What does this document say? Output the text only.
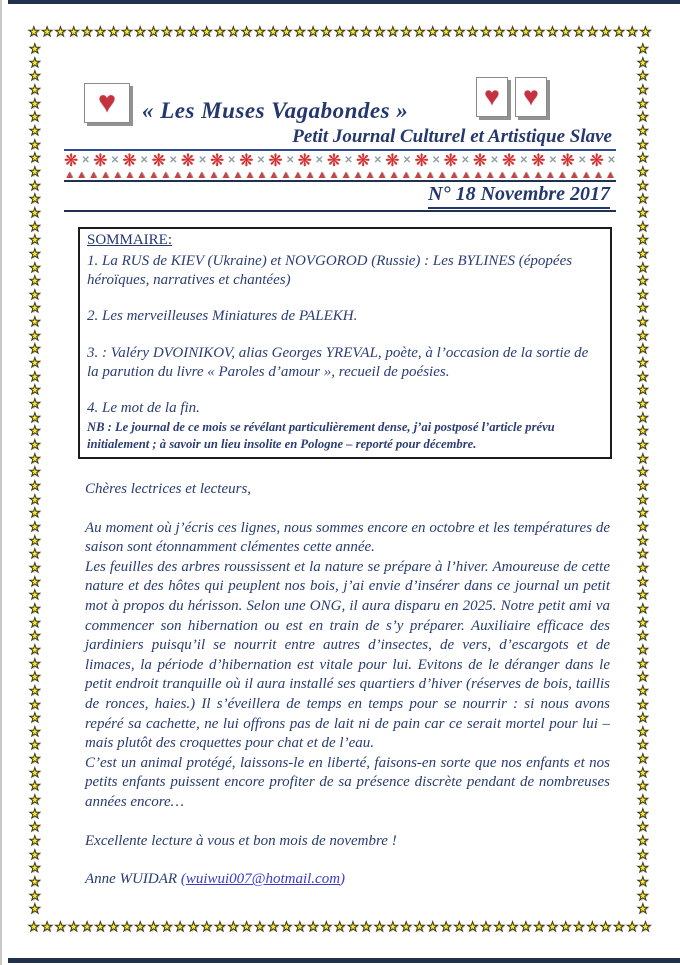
★ ★ ★ ★ ★ ★ ★ ★ ★ ★ ★ ★ ★ ★ ★ ★ ★ ★ ★ ★ ★ ★ ★ ★ ★ ★ ★ ★ ★ ★ ★ ★ ★ ★ ★ ★ ★ ★ ★ ★ ★ ★ ★ ★ ★ ★ ★
★ ★ ★ ★ ★ ★ ★ ★ ★ ★ ★ ★ ★ ★ ★ ★ ★ ★ ★ ★ ★ ★ ★ ★ ★ ★ ★ ★ ★ ★ ★ ★ ★ ★ ★ ★ ★ ★ ★ ★ ★ ★ ★ ★ ★ ★ ★
★
★
★
★
★
★
★
★
★
★
★
★
★
★
★
★
★
★
★
★
★
★
★
★
★
★
★
★
★
★
★
★
★
★
★
★
★
★
★
★
★
★
★
★
★
★
★
★
★
★
★
★
★
★
★
★
★
★
★
★
★
★
★
★
★
★
★
★
★
★
★
★
★
★
★
★
★
★
★
★
★
★
★
★
★
★
★
★
★
★
★
★
★
★
★
★
★
★
★
★
★
★
★
★
★
★
★
★
★
★
★
★
★
★
★
★
★
★
★
★
★
★
★
★
★
★
★
★
♥	♥ ♥
« Les Muses Vagabondes »
Petit Journal Culturel et Artistique Slave
❋ ✕ ❋ ✕ ❋ ✕ ❋ ✕ ❋ ✕ ❋ ✕ ❋ ✕ ❋ ✕ ❋ ✕ ❋ ✕ ❋ ✕ ❋ ✕ ❋ ✕ ❋ ✕ ❋ ✕ ❋ ✕ ❋ ✕ ❋ ✕ ❋ ✕
▲ ▲ ▲ ▲ ▲ ▲ ▲ ▲ ▲ ▲ ▲ ▲ ▲ ▲ ▲ ▲ ▲ ▲ ▲ ▲ ▲ ▲ ▲ ▲ ▲ ▲ ▲ ▲ ▲ ▲ ▲ ▲ ▲ ▲ ▲ ▲ ▲ ▲ ▲ ▲ ▲ ▲ ▲ ▲ ▲ ▲
N° 18 Novembre 2017
SOMMAIRE:

1. La RUS de KIEV (Ukraine) et NOVGOROD (Russie) : Les BYLINES (épopées héroïques, narratives et chantées)

2. Les merveilleuses Miniatures de PALEKH.

3. : Valéry DVOINIKOV, alias Georges YREVAL, poète, à l’occasion de la sortie de la parution du livre « Paroles d’amour », recueil de poésies.

4. Le mot de la fin.

NB : Le journal de ce mois se révélant particulièrement dense, j’ai postposé l’article prévu initialement ; à savoir un lieu insolite en Pologne – reporté pour décembre.

Chères lectrices et lecteurs,

Au moment où j’écris ces lignes, nous sommes encore en octobre et les températures de saison sont étonnamment clémentes cette année.

Les feuilles des arbres roussissent et la nature se prépare à l’hiver. Amoureuse de cette nature et des hôtes qui peuplent nos bois, j’ai envie d’insérer dans ce journal un petit mot à propos du hérisson. Selon une ONG, il aura disparu en 2025. Notre petit ami va commencer son hibernation ou est en train de s’y préparer. Auxiliaire efficace des jardiniers puisqu’il se nourrit entre autres d’insectes, de vers, d’escargots et de limaces, la période d’hibernation est vitale pour lui. Evitons de le déranger dans le petit endroit tranquille où il aura installé ses quartiers d’hiver (réserves de bois, taillis de ronces, haies.) Il s’éveillera de temps en temps pour se nourrir : si nous avons repéré sa cachette, ne lui offrons pas de lait ni de pain car ce serait mortel pour lui – mais plutôt des croquettes pour chat et de l’eau.

C’est un animal protégé, laissons-le en liberté, faisons-en sorte que nos enfants et nos petits enfants puissent encore profiter de sa présence discrète pendant de nombreuses années encore…

Excellente lecture à vous et bon mois de novembre !

Anne WUIDAR (wuiwui007@hotmail.com)
